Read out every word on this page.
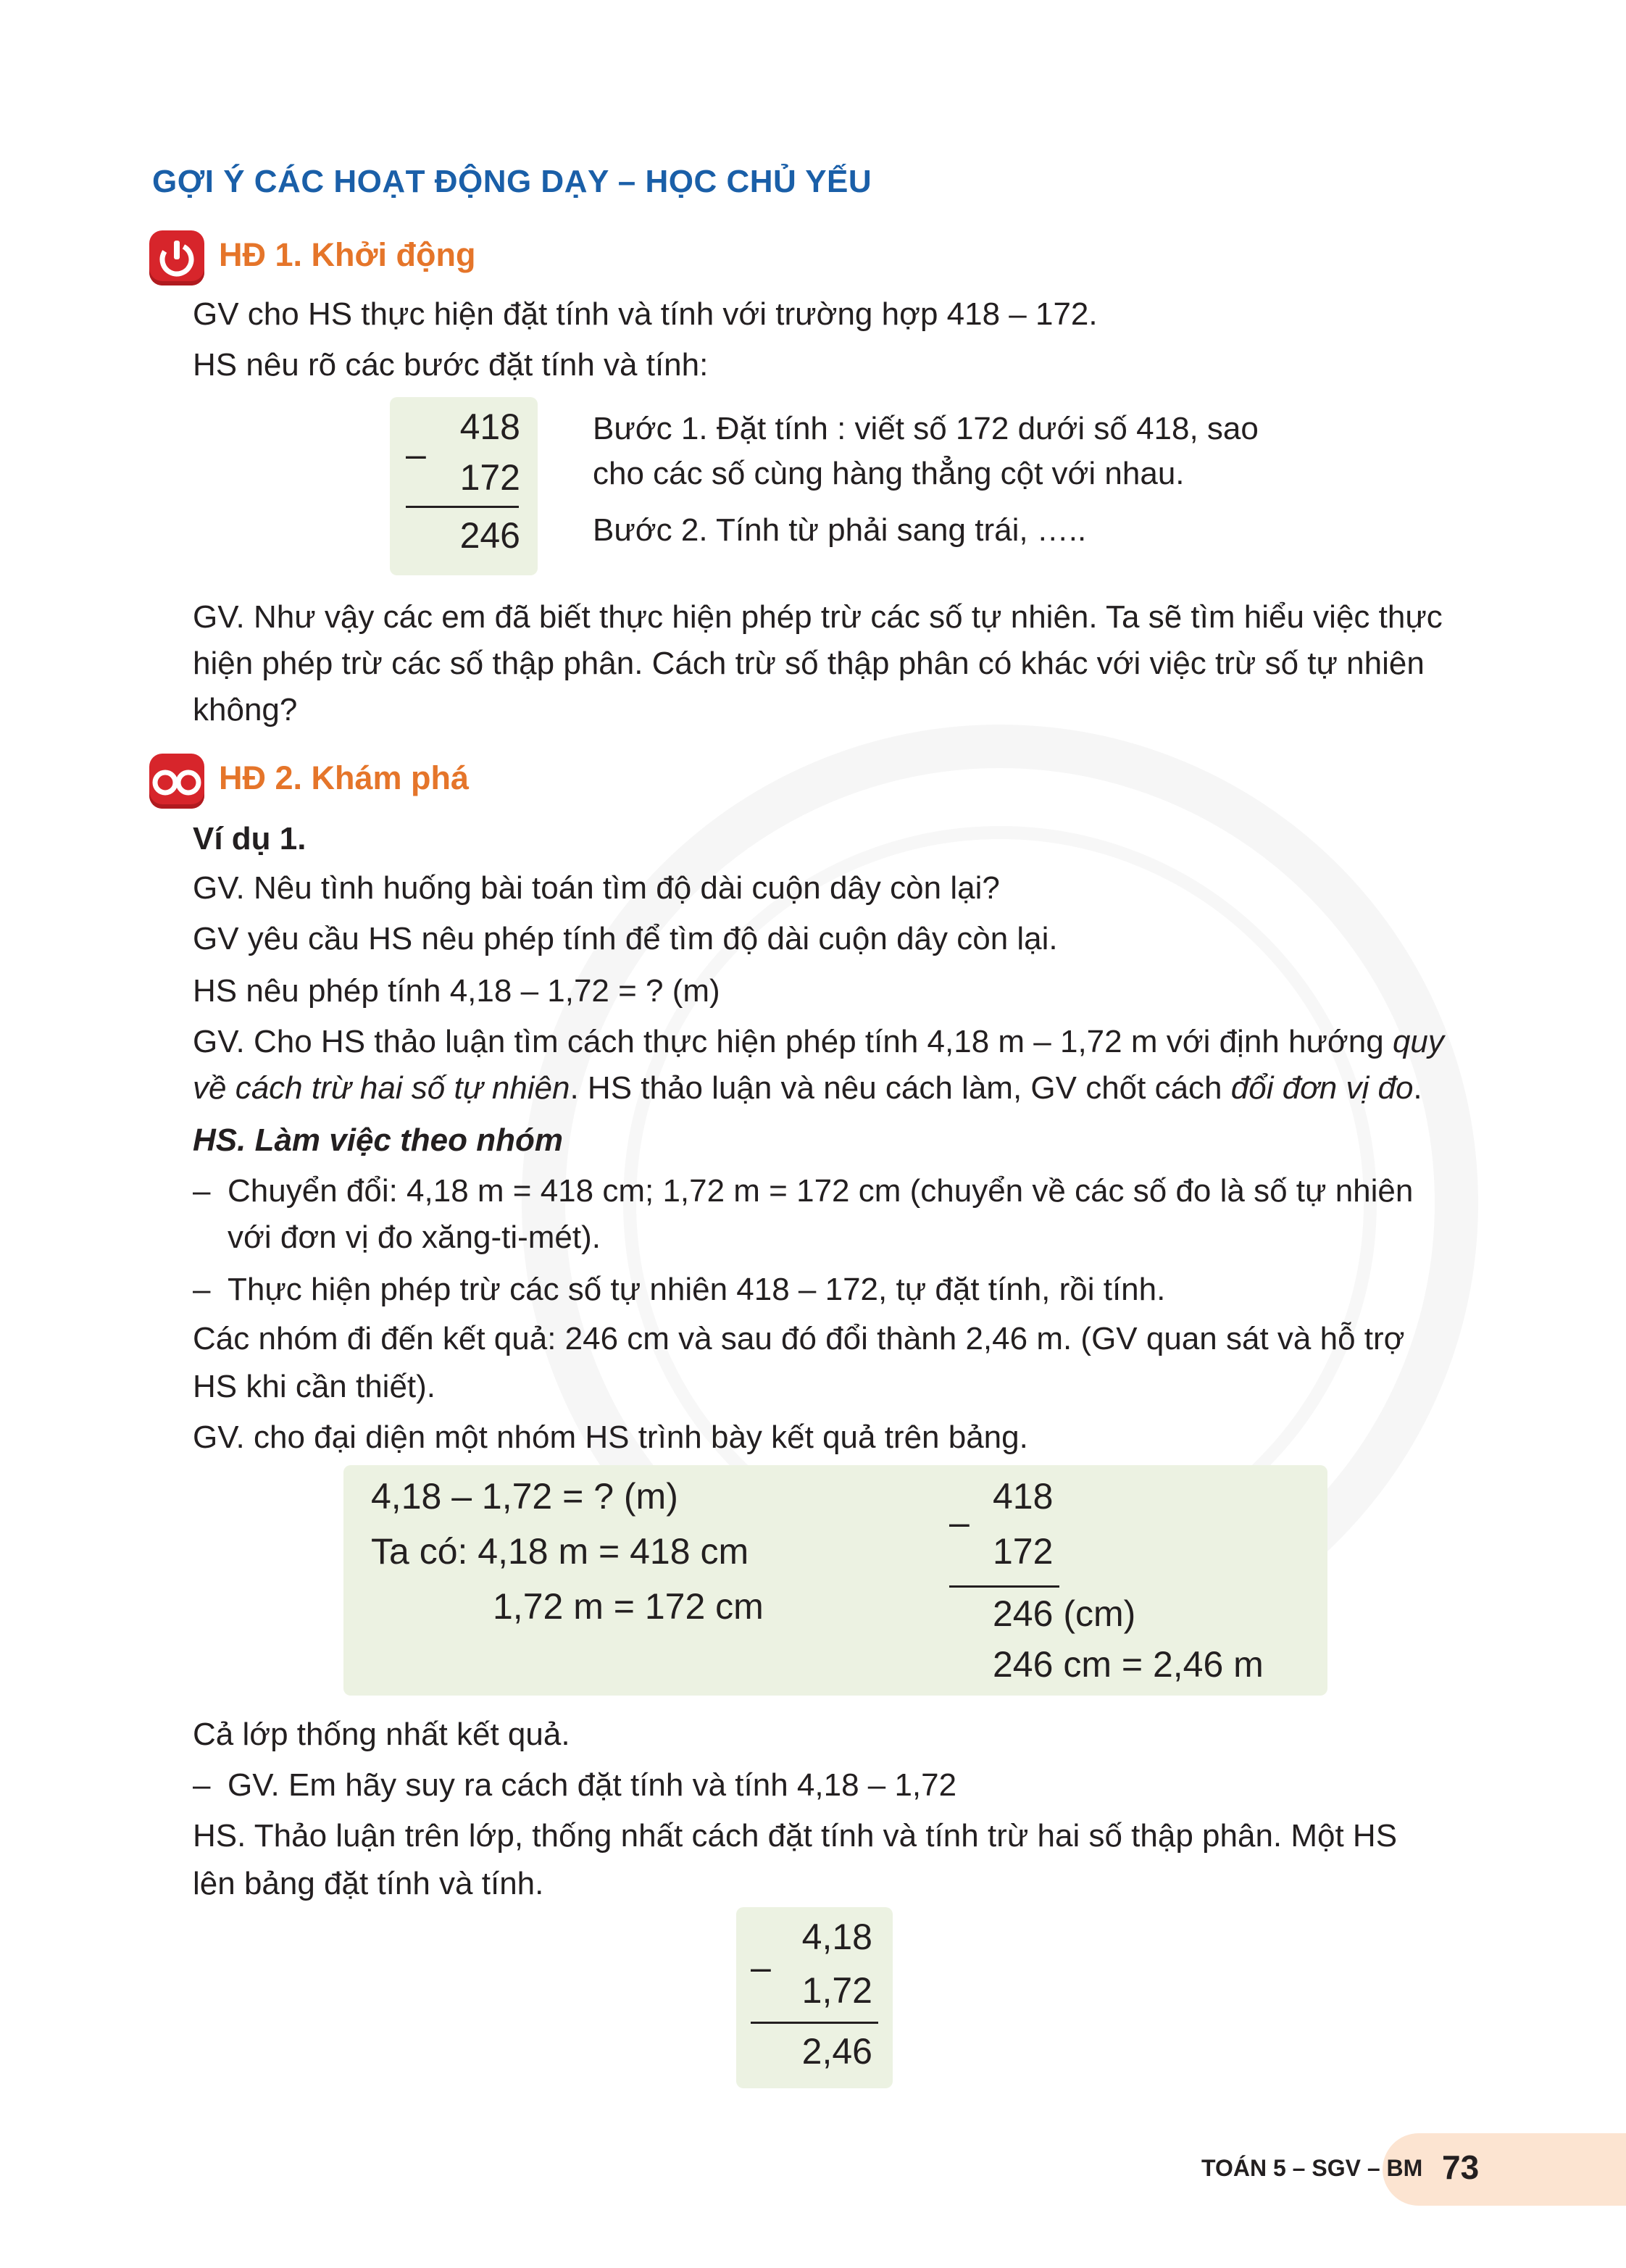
GỢI Ý CÁC HOẠT ĐỘNG DẠY – HỌC CHỦ YẾU
HĐ 1. Khởi động
GV cho HS thực hiện đặt tính và tính với trường hợp 418 – 172.
HS nêu rõ các bước đặt tính và tính:
–
418
172
246
Bước 1. Đặt tính : viết số 172 dưới số 418, sao
cho các số cùng hàng thẳng cột với nhau.
Bước 2. Tính từ phải sang trái, …..
GV. Như vậy các em đã biết thực hiện phép trừ các số tự nhiên. Ta sẽ tìm hiểu việc thực
hiện phép trừ các số thập phân. Cách trừ số thập phân có khác với việc trừ số tự nhiên
không?
HĐ 2. Khám phá
Ví dụ 1.
GV. Nêu tình huống bài toán tìm độ dài cuộn dây còn lại?
GV yêu cầu HS nêu phép tính để tìm độ dài cuộn dây còn lại.
HS nêu phép tính 4,18 – 1,72 = ? (m)
GV. Cho HS thảo luận tìm cách thực hiện phép tính 4,18 m – 1,72 m với định hướng quy
về cách trừ hai số tự nhiên. HS thảo luận và nêu cách làm, GV chốt cách đổi đơn vị đo.
HS. Làm việc theo nhóm
– Chuyển đổi: 4,18 m = 418 cm; 1,72 m = 172 cm (chuyển về các số đo là số tự nhiên
với đơn vị đo xăng-ti-mét).
– Thực hiện phép trừ các số tự nhiên 418 – 172, tự đặt tính, rồi tính.
Các nhóm đi đến kết quả: 246 cm và sau đó đổi thành 2,46 m. (GV quan sát và hỗ trợ
HS khi cần thiết).
GV. cho đại diện một nhóm HS trình bày kết quả trên bảng.
4,18 – 1,72 = ? (m)
Ta có: 4,18 m = 418 cm
1,72 m = 172 cm
–
418
172
246 (cm)
246 cm = 2,46 m
Cả lớp thống nhất kết quả.
– GV. Em hãy suy ra cách đặt tính và tính 4,18 – 1,72
HS. Thảo luận trên lớp, thống nhất cách đặt tính và tính trừ hai số thập phân. Một HS
lên bảng đặt tính và tính.
–
4,18
1,72
2,46
TOÁN 5 – SGV – BM 73
